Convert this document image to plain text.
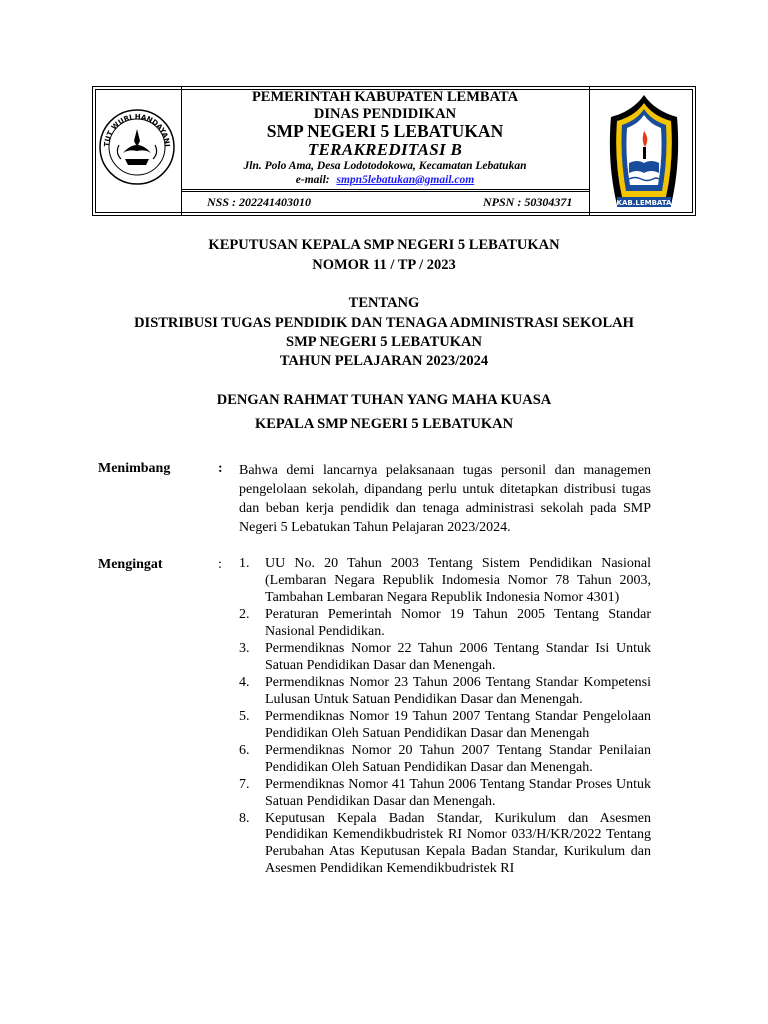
TUT WURI HANDAYANI
PEMERINTAH KABUPATEN LEMBATA
DINAS PENDIDIKAN
SMP NEGERI 5 LEBATUKAN
TERAKREDITASI B
Jln. Polo Ama, Desa Lodotodokowa, Kecamatan Lebatukan
e-mail: smpn5lebatukan@gmail.com
NSS : 202241403010	NPSN : 50304371	KAB.LEMBATA
KEPUTUSAN KEPALA SMP NEGERI 5 LEBATUKAN
NOMOR 11 / TP / 2023
TENTANG
DISTRIBUSI TUGAS PENDIDIK DAN TENAGA ADMINISTRASI SEKOLAH
SMP NEGERI 5 LEBATUKAN
TAHUN PELAJARAN 2023/2024
DENGAN RAHMAT TUHAN YANG MAHA KUASA
KEPALA SMP NEGERI 5 LEBATUKAN
Menimbang	: Bahwa demi lancarnya pelaksanaan tugas personil dan managemen pengelolaan sekolah, dipandang perlu untuk ditetapkan distribusi tugas dan beban kerja pendidik dan tenaga administrasi sekolah pada SMP Negeri 5 Lebatukan Tahun Pelajaran 2023/2024.
Mengingat	: 1. UU No. 20 Tahun 2003 Tentang Sistem Pendidikan Nasional (Lembaran Negara Republik Indomesia Nomor 78 Tahun 2003, Tambahan Lembaran Negara Republik Indonesia Nomor 4301)
2. Peraturan Pemerintah Nomor 19 Tahun 2005 Tentang Standar Nasional Pendidikan.
3. Permendiknas Nomor 22 Tahun 2006 Tentang Standar Isi Untuk Satuan Pendidikan Dasar dan Menengah.
4. Permendiknas Nomor 23 Tahun 2006 Tentang Standar Kompetensi Lulusan Untuk Satuan Pendidikan Dasar dan Menengah.
5. Permendiknas Nomor 19 Tahun 2007 Tentang Standar Pengelolaan Pendidikan Oleh Satuan Pendidikan Dasar dan Menengah
6. Permendiknas Nomor 20 Tahun 2007 Tentang Standar Penilaian Pendidikan Oleh Satuan Pendidikan Dasar dan Menengah.
7. Permendiknas Nomor 41 Tahun 2006 Tentang Standar Proses Untuk Satuan Pendidikan Dasar dan Menengah.
8. Keputusan Kepala Badan Standar, Kurikulum dan Asesmen Pendidikan Kemendikbudristek RI Nomor 033/H/KR/2022 Tentang Perubahan Atas Keputusan Kepala Badan Standar, Kurikulum dan Asesmen Pendidikan Kemendikbudristek RI
